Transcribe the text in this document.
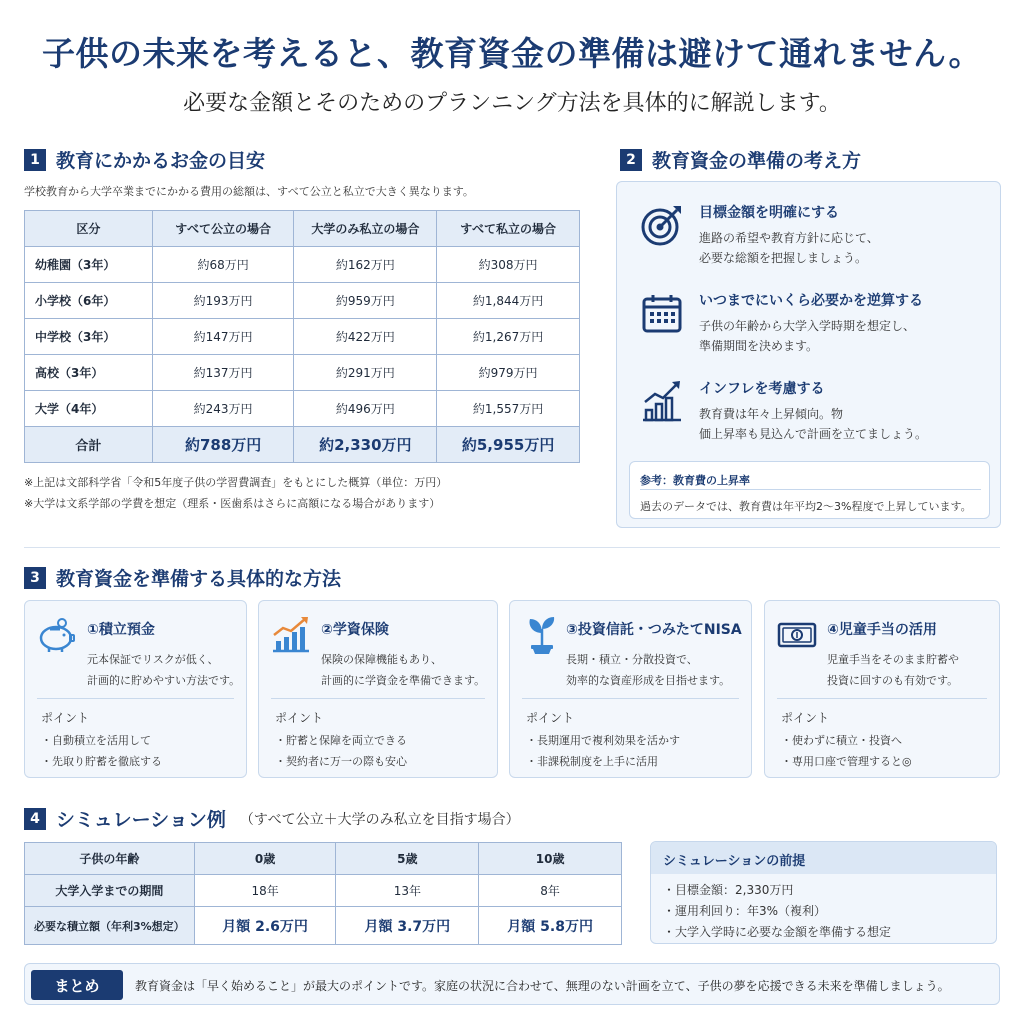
子供の未来を考えると、教育資金の準備は避けて通れません。
必要な金額とそのためのプランニング方法を具体的に解説します。
1 教育にかかるお金の目安
学校教育から大学卒業までにかかる費用の総額は、すべて公立と私立で大きく異なります。
区分	すべて公立の場合	大学のみ私立の場合	すべて私立の場合
幼稚園（3年）	約68万円	約162万円	約308万円
小学校（6年）	約193万円	約959万円	約1,844万円
中学校（3年）	約147万円	約422万円	約1,267万円
高校（3年）	約137万円	約291万円	約979万円
大学（4年）	約243万円	約496万円	約1,557万円
合計	約788万円	約2,330万円	約5,955万円
※上記は文部科学省「令和5年度子供の学習費調査」をもとにした概算（単位：万円）
※大学は文系学部の学費を想定（理系・医歯系はさらに高額になる場合があります）
2 教育資金の準備の考え方
目標金額を明確にする
進路の希望や教育方針に応じて、
必要な総額を把握しましょう。
いつまでにいくら必要かを逆算する
子供の年齢から大学入学時期を想定し、
準備期間を決めます。
インフレを考慮する
教育費は年々上昇傾向。物
価上昇率も見込んで計画を立てましょう。
参考：教育費の上昇率
過去のデータでは、教育費は年平均2〜3%程度で上昇しています。
3 教育資金を準備する具体的な方法
①積立預金
元本保証でリスクが低く、
計画的に貯めやすい方法です。
ポイント
・自動積立を活用して
・先取り貯蓄を徹底する
②学資保険
保険の保障機能もあり、
計画的に学資金を準備できます。
ポイント
・貯蓄と保障を両立できる
・契約者に万一の際も安心
③投資信託・つみたてNISA
長期・積立・分散投資で、
効率的な資産形成を目指せます。
ポイント
・長期運用で複利効果を活かす
・非課税制度を上手に活用
④児童手当の活用
児童手当をそのまま貯蓄や
投資に回すのも有効です。
ポイント
・使わずに積立・投資へ
・専用口座で管理すると◎
4 シミュレーション例 （すべて公立＋大学のみ私立を目指す場合）
子供の年齢	0歳	5歳	10歳
大学入学までの期間	18年	13年	8年
必要な積立額（年利3%想定）	月額 2.6万円	月額 3.7万円	月額 5.8万円
シミュレーションの前提
・目標金額：2,330万円
・運用利回り：年3%（複利）
・大学入学時に必要な金額を準備する想定
まとめ	教育資金は「早く始めること」が最大のポイントです。家庭の状況に合わせて、無理のない計画を立て、子供の夢を応援できる未来を準備しましょう。
